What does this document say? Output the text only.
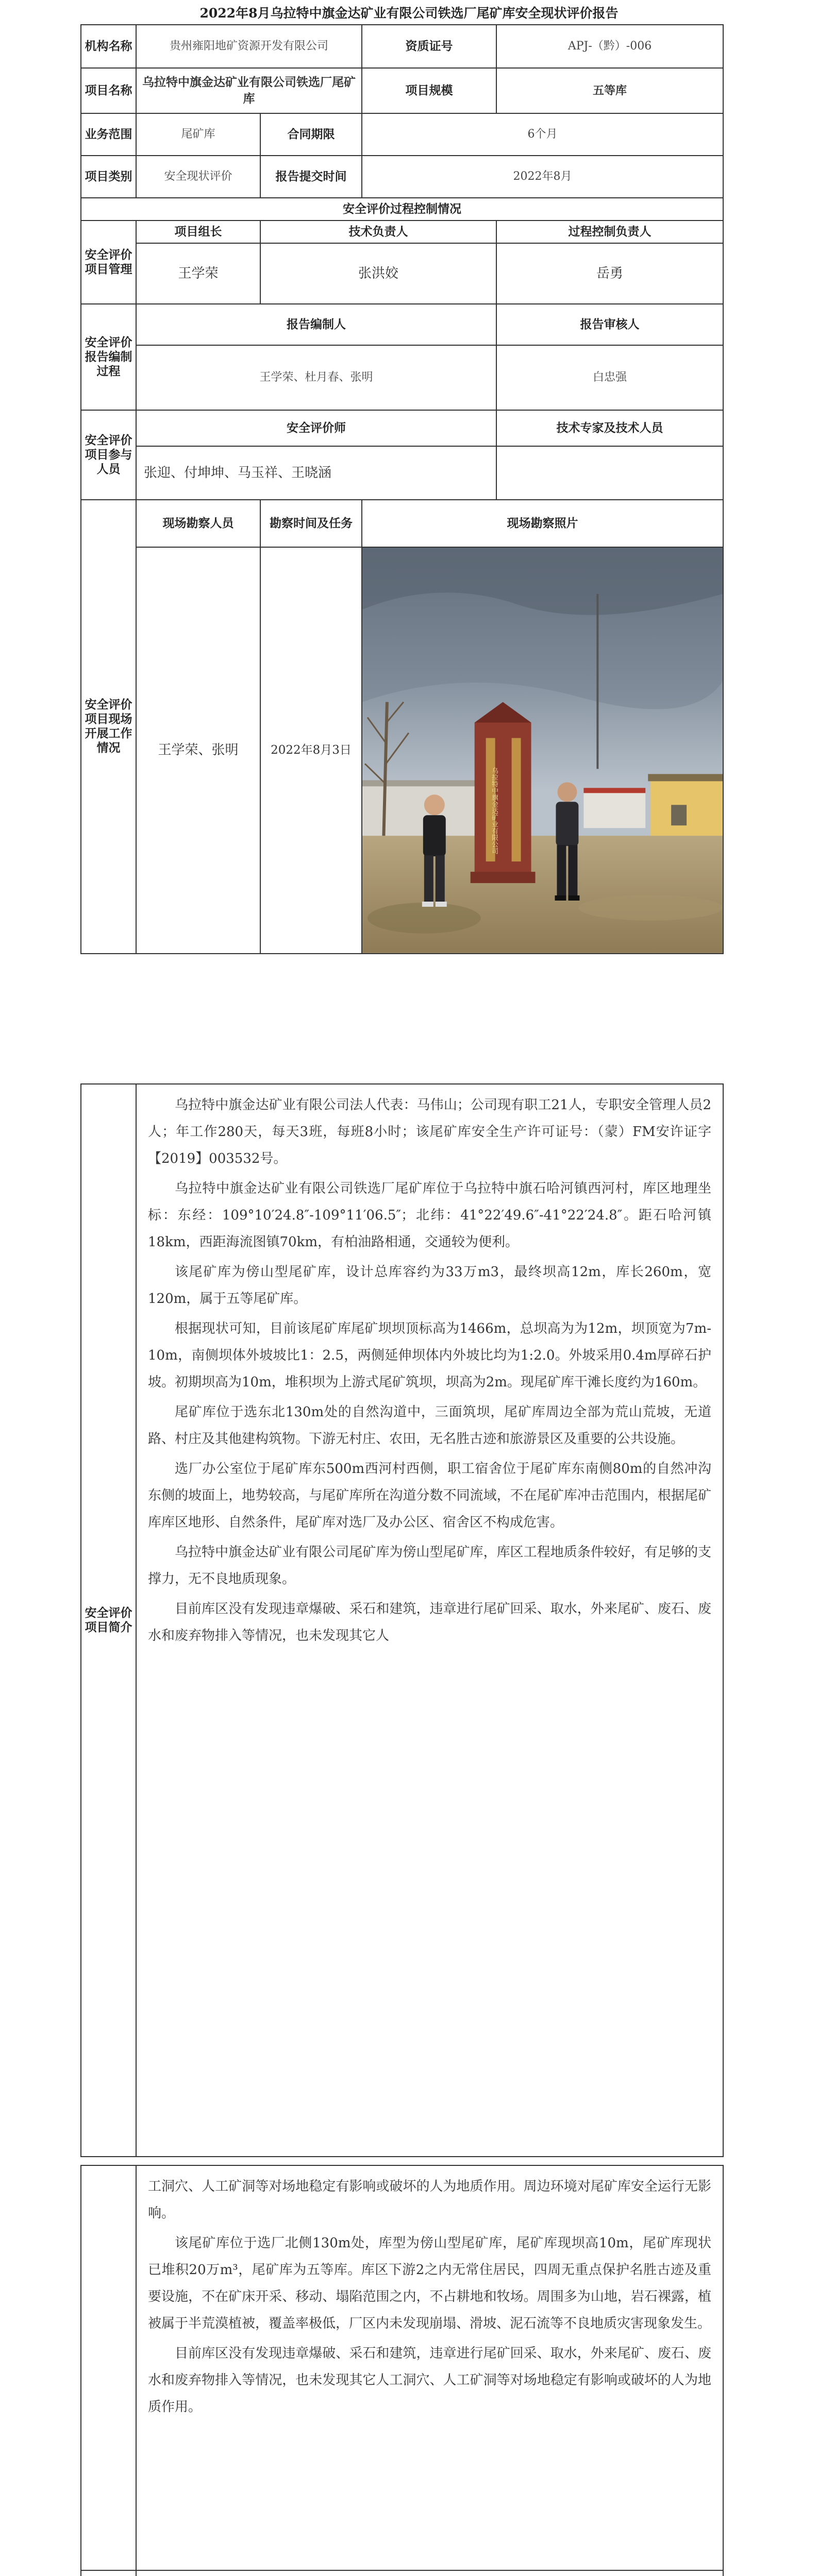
2022年8月乌拉特中旗金达矿业有限公司铁选厂尾矿库安全现状评价报告
机构名称	贵州雍阳地矿资源开发有限公司		资质证号	APJ-（黔）-006
项目名称	乌拉特中旗金达矿业有限公司铁选厂尾矿库		项目规模	五等库
业务范围	尾矿库	合同期限	6个月	
项目类别	安全现状评价	报告提交时间	2022年8月	
安全评价过程控制情况				
安全评价项目管理	项目组长	技术负责人		过程控制负责人
	王学荣	张洪姣		岳勇
安全评价报告编制过程	报告编制人			报告审核人
	王学荣、杜月春、张明			白忠强
安全评价项目参与人员	安全评价师			技术专家及技术人员
	张迎、付坤坤、马玉祥、王晓涵			
安全评价项目现场开展工作情况	现场勘察人员	勘察时间及任务	现场勘察照片	
	王学荣、张明	2022年8月3日	乌拉特中旗金达矿业有限公司	
安全评价项目简介	

乌拉特中旗金达矿业有限公司法人代表：马伟山；公司现有职工21人，专职安全管理人员2人；年工作280天，每天3班，每班8小时；该尾矿库安全生产许可证号：（蒙）FM安许证字【2019】003532号。

乌拉特中旗金达矿业有限公司铁选厂尾矿库位于乌拉特中旗石哈河镇西河村，库区地理坐标：东经：109°10′24.8″-109°11′06.5″；北纬：41°22′49.6″-41°22′24.8″。距石哈河镇18km，西距海流图镇70km，有柏油路相通，交通较为便利。

该尾矿库为傍山型尾矿库，设计总库容约为33万m3，最终坝高12m，库长260m，宽120m，属于五等尾矿库。

根据现状可知，目前该尾矿库尾矿坝坝顶标高为1466m，总坝高为为12m，坝顶宽为7m-10m，南侧坝体外坡坡比1：2.5，两侧延伸坝体内外坡比均为1:2.0。外坡采用0.4m厚碎石护坡。初期坝高为10m，堆积坝为上游式尾矿筑坝，坝高为2m。现尾矿库干滩长度约为160m。

尾矿库位于选东北130m处的自然沟道中，三面筑坝，尾矿库周边全部为荒山荒坡，无道路、村庄及其他建构筑物。下游无村庄、农田，无名胜古迹和旅游景区及重要的公共设施。

选厂办公室位于尾矿库东500m西河村西侧，职工宿舍位于尾矿库东南侧80m的自然冲沟东侧的坡面上，地势较高，与尾矿库所在沟道分数不同流域，不在尾矿库冲击范围内，根据尾矿库库区地形、自然条件，尾矿库对选厂及办公区、宿舍区不构成危害。

乌拉特中旗金达矿业有限公司尾矿库为傍山型尾矿库，库区工程地质条件较好，有足够的支撑力，无不良地质现象。

目前库区没有发现违章爆破、采石和建筑，违章进行尾矿回采、取水，外来尾矿、废石、废水和废弃物排入等情况，也未发现其它人

	工洞穴、人工矿洞等对场地稳定有影响或破坏的人为地质作用。周边环境对尾矿库安全运行无影响。

该尾矿库位于选厂北侧130m处，库型为傍山型尾矿库，尾矿库现坝高10m，尾矿库现状已堆积20万m³，尾矿库为五等库。库区下游2之内无常住居民，四周无重点保护名胜古迹及重要设施，不在矿床开采、移动、塌陷范围之内，不占耕地和牧场。周围多为山地，岩石裸露，植被属于半荒漠植被，覆盖率极低，厂区内未发现崩塌、滑坡、泥石流等不良地质灾害现象发生。

目前库区没有发现违章爆破、采石和建筑，违章进行尾矿回采、取水，外来尾矿、废石、废水和废弃物排入等情况，也未发现其它人工洞穴、人工矿洞等对场地稳定有影响或破坏的人为地质作用。
